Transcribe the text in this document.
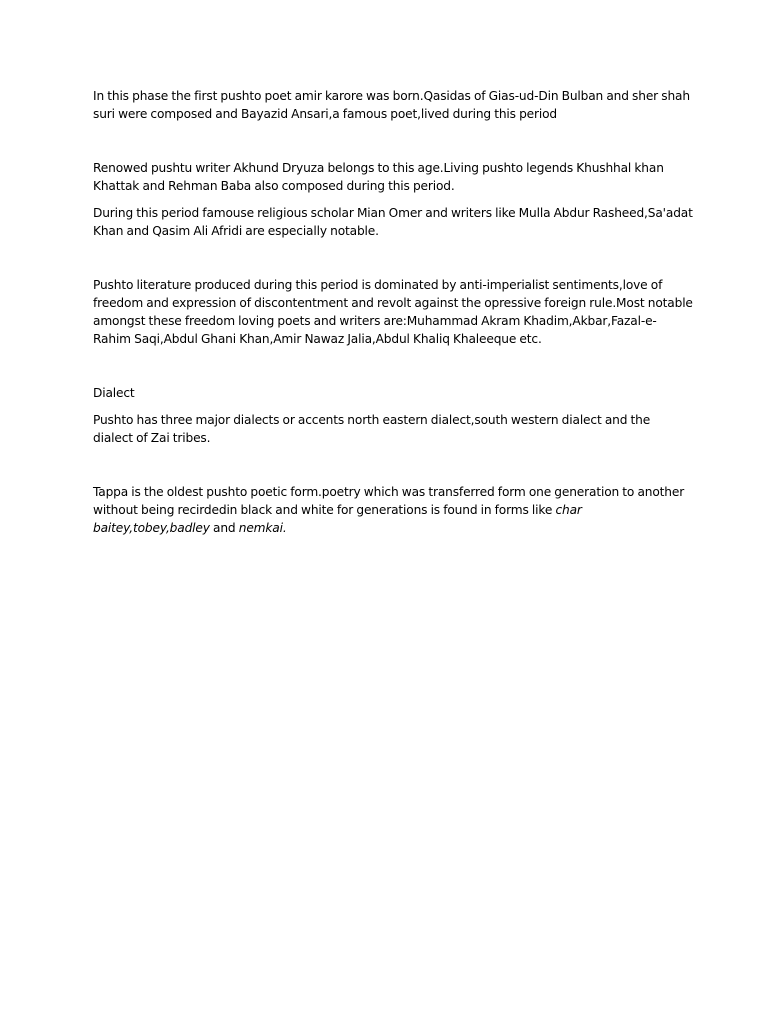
In this phase the first pushto poet amir karore was born.Qasidas of Gias-ud-Din Bulban and sher shah suri were composed and Bayazid Ansari,a famous poet,lived during this period

Renowed pushtu writer Akhund Dryuza belongs to this age.Living pushto legends Khushhal khan Khattak and Rehman Baba also composed during this period.

During this period famouse religious scholar Mian Omer and writers like Mulla Abdur Rasheed,Sa'adat Khan and Qasim Ali Afridi are especially notable.

Pushto literature produced during this period is dominated by anti-imperialist sentiments,love of freedom and expression of discontentment and revolt against the opressive foreign rule.Most notable amongst these freedom loving poets and writers are:Muhammad Akram Khadim,Akbar,Fazal-e-Rahim Saqi,Abdul Ghani Khan,Amir Nawaz Jalia,Abdul Khaliq Khaleeque etc.

Dialect

Pushto has three major dialects or accents north eastern dialect,south western dialect and the dialect of Zai tribes.

Tappa is the oldest pushto poetic form.poetry which was transferred form one generation to another without being recirdedin black and white for generations is found in forms like char baitey,tobey,badley and nemkai.
